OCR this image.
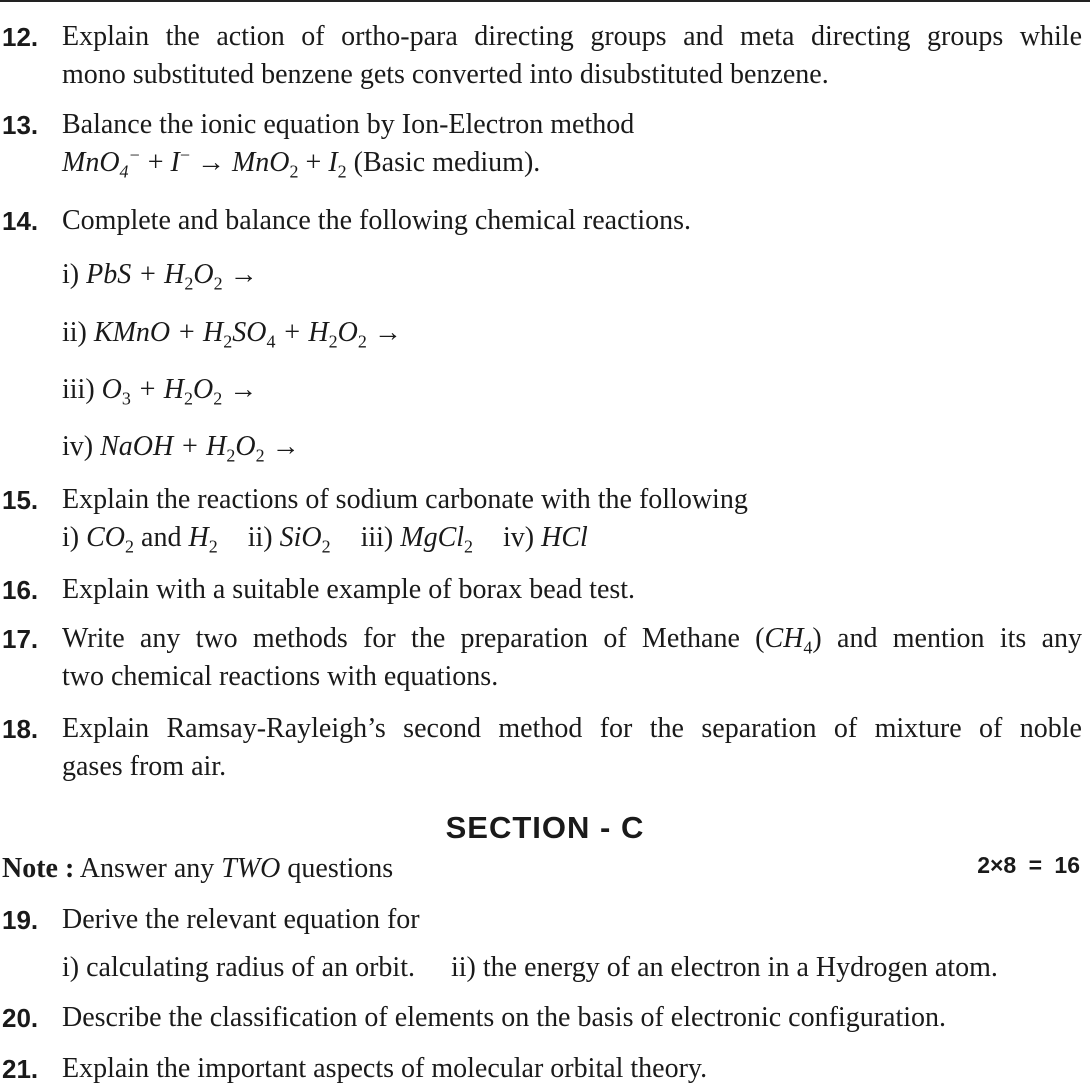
12. Explain the action of ortho-para directing groups and meta directing groups while
mono substituted benzene gets converted into disubstituted benzene.
13. Balance the ionic equation by Ion-Electron method
$MnO_4^- + I^- \to MnO_2 + I_2$ (Basic medium).
14. Complete and balance the following chemical reactions.
i) PbS + $H_2O_2$ →
ii) KMnO + $H_2SO_4 + H_2O_2$ →
iii) $O_3 + H_2O_2$ →
iv) NaOH + $H_2O_2$ →
15. Explain the reactions of sodium carbonate with the following
i) $CO_2$ and $H_2$ ii) SiO$_2$ iii) MgCl$_2$ iv) HCl
16. Explain with a suitable example of borax bead test.
17. Write any two methods for the preparation of Methane $(CH_4)$ and mention its any
two chemical reactions with equations.
18. Explain Ramsay-Rayleigh’s second method for the separation of mixture of noble
gases from air.
SECTION - C
Note : Answer any TWO questions	2×8 = 16
19. Derive the relevant equation for
i) calculating radius of an orbit. ii) the energy of an electron in a Hydrogen atom.
20. Describe the classification of elements on the basis of electronic configuration.
21. Explain the important aspects of molecular orbital theory.
